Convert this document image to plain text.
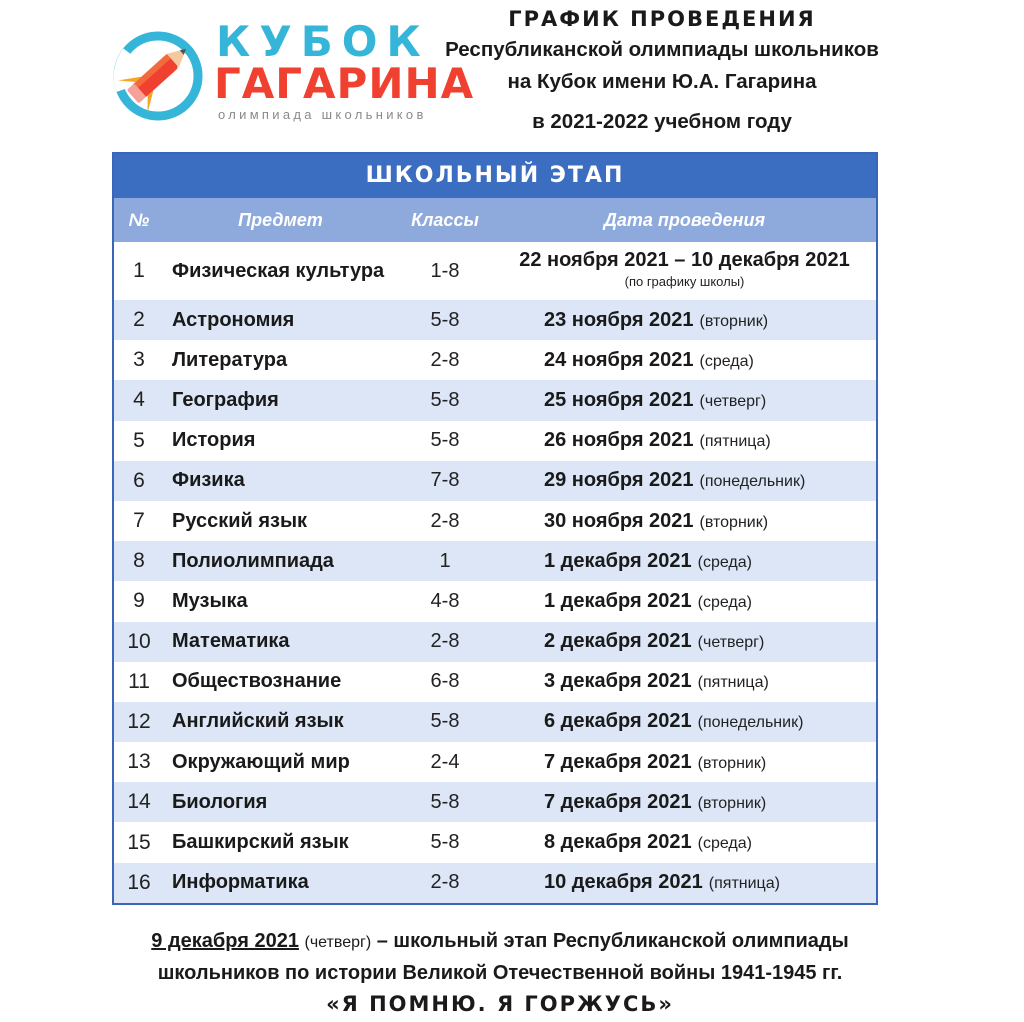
КУБОК
ГАГАРИНА
олимпиада школьников
ГРАФИК ПРОВЕДЕНИЯ
Республиканской олимпиады школьников
на Кубок имени Ю.А. Гагарина
в 2021-2022 учебном году
ШКОЛЬНЫЙ ЭТАП
№	Предмет	Классы	Дата проведения
1	Физическая культура	1-8	22 ноября 2021 – 10 декабря 2021
(по графику школы)
2	Астрономия	5-8	23 ноября 2021 (вторник)
3	Литература	2-8	24 ноября 2021 (среда)
4	География	5-8	25 ноября 2021 (четверг)
5	История	5-8	26 ноября 2021 (пятница)
6	Физика	7-8	29 ноября 2021 (понедельник)
7	Русский язык	2-8	30 ноября 2021 (вторник)
8	Полиолимпиада	1	1 декабря 2021 (среда)
9	Музыка	4-8	1 декабря 2021 (среда)
10	Математика	2-8	2 декабря 2021 (четверг)
11	Обществознание	6-8	3 декабря 2021 (пятница)
12	Английский язык	5-8	6 декабря 2021 (понедельник)
13	Окружающий мир	2-4	7 декабря 2021 (вторник)
14	Биология	5-8	7 декабря 2021 (вторник)
15	Башкирский язык	5-8	8 декабря 2021 (среда)
16	Информатика	2-8	10 декабря 2021 (пятница)
9 декабря 2021 (четверг) – школьный этап Республиканской олимпиады
школьников по истории Великой Отечественной войны 1941-1945 гг.
«Я ПОМНЮ. Я ГОРЖУСЬ»
